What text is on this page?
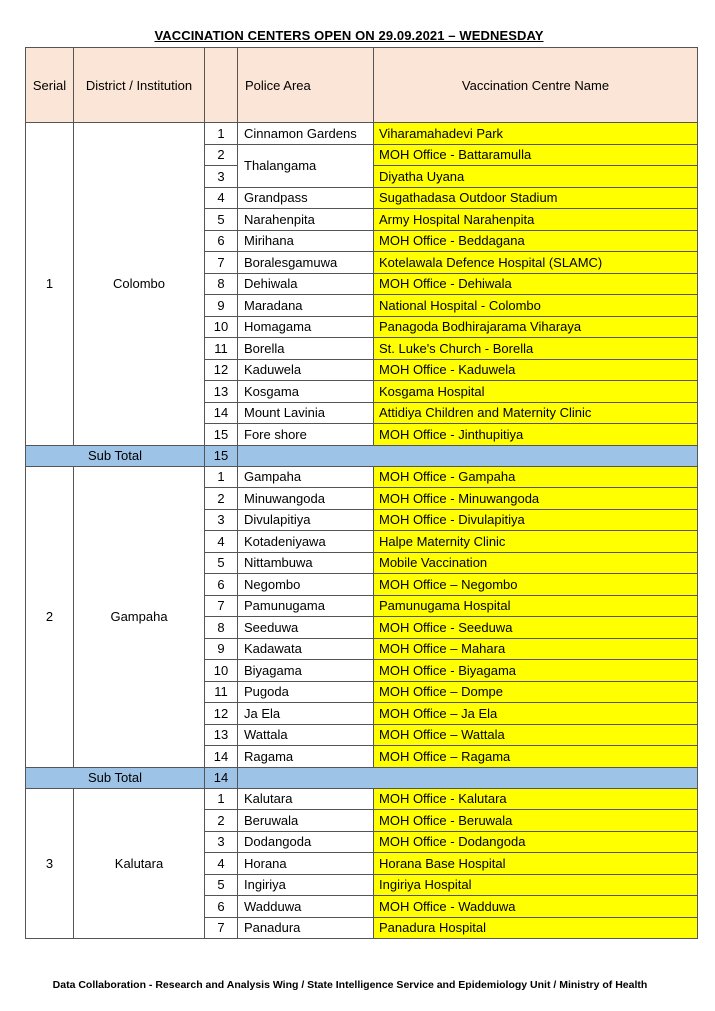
VACCINATION CENTERS OPEN ON 29.09.2021 – WEDNESDAY
Serial	District / Institution		Police Area	Vaccination Centre Name
1	Colombo	1	Cinnamon Gardens	Viharamahadevi Park
		2	Thalangama	MOH Office - Battaramulla
		3		Diyatha Uyana
		4	Grandpass	Sugathadasa Outdoor Stadium
		5	Narahenpita	Army Hospital Narahenpita
		6	Mirihana	MOH Office - Beddagana
		7	Boralesgamuwa	Kotelawala Defence Hospital (SLAMC)
		8	Dehiwala	MOH Office - Dehiwala
		9	Maradana	National Hospital - Colombo
		10	Homagama	Panagoda Bodhirajarama Viharaya
		11	Borella	St. Luke's Church - Borella
		12	Kaduwela	MOH Office - Kaduwela
		13	Kosgama	Kosgama Hospital
		14	Mount Lavinia	Attidiya Children and Maternity Clinic
		15	Fore shore	MOH Office - Jinthupitiya
Sub Total		15		
2	Gampaha	1	Gampaha	MOH Office - Gampaha
		2	Minuwangoda	MOH Office - Minuwangoda
		3	Divulapitiya	MOH Office - Divulapitiya
		4	Kotadeniyawa	Halpe Maternity Clinic
		5	Nittambuwa	Mobile Vaccination
		6	Negombo	MOH Office – Negombo
		7	Pamunugama	Pamunugama Hospital
		8	Seeduwa	MOH Office - Seeduwa
		9	Kadawata	MOH Office – Mahara
		10	Biyagama	MOH Office - Biyagama
		11	Pugoda	MOH Office – Dompe
		12	Ja Ela	MOH Office – Ja Ela
		13	Wattala	MOH Office – Wattala
		14	Ragama	MOH Office – Ragama
Sub Total		14		
3	Kalutara	1	Kalutara	MOH Office - Kalutara
		2	Beruwala	MOH Office - Beruwala
		3	Dodangoda	MOH Office - Dodangoda
		4	Horana	Horana Base Hospital
		5	Ingiriya	Ingiriya Hospital
		6	Wadduwa	MOH Office - Wadduwa
		7	Panadura	Panadura Hospital
Data Collaboration - Research and Analysis Wing / State Intelligence Service and Epidemiology Unit / Ministry of Health
